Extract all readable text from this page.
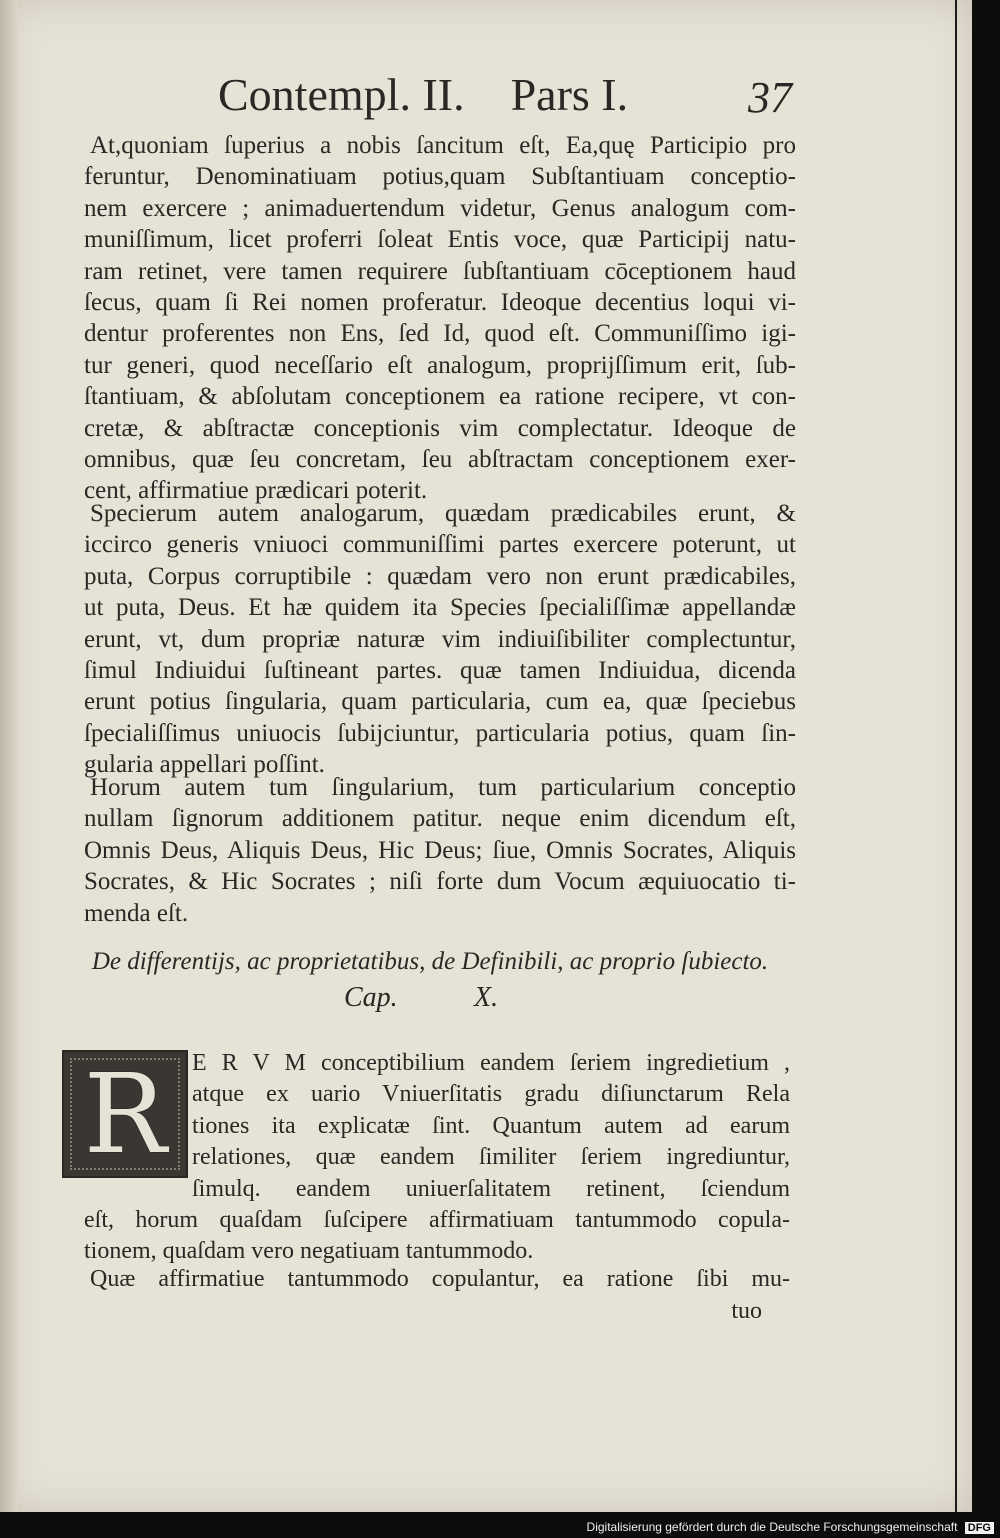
Contempl. II.    Pars I.	37
At,quoniam ſuperius a nobis ſancitum eſt, Ea,quę Participio pro
feruntur, Denominatiuam potius,quam Subſtantiuam conceptio-
nem exercere ; animaduertendum videtur, Genus analogum com-
muniſſimum, licet proferri ſoleat Entis voce, quæ Participij natu-
ram retinet, vere tamen requirere ſubſtantiuam cōceptionem haud
ſecus, quam ſi Rei nomen proferatur. Ideoque decentius loqui vi-
dentur proferentes non Ens, ſed Id, quod eſt. Communiſſimo igi-
tur generi, quod neceſſario eſt analogum, proprijſſimum erit, ſub-
ſtantiuam, & abſolutam conceptionem ea ratione recipere, vt con-
cretæ, & abſtractæ conceptionis vim complectatur. Ideoque de
omnibus, quæ ſeu concretam, ſeu abſtractam conceptionem exer-
cent, affirmatiue prædicari poterit.
Specierum autem analogarum, quædam prædicabiles erunt, &
iccirco generis vniuoci communiſſimi partes exercere poterunt, ut
puta, Corpus corruptibile : quædam vero non erunt prædicabiles,
ut puta, Deus. Et hæ quidem ita Species ſpecialiſſimæ appellandæ
erunt, vt, dum propriæ naturæ vim indiuiſibiliter complectuntur,
ſimul Indiuidui ſuſtineant partes. quæ tamen Indiuidua, dicenda
erunt potius ſingularia, quam particularia, cum ea, quæ ſpeciebus
ſpecialiſſimus uniuocis ſubijciuntur, particularia potius, quam ſin-
gularia appellari poſſint.
Horum autem tum ſingularium, tum particularium conceptio
nullam ſignorum additionem patitur. neque enim dicendum eſt,
Omnis Deus, Aliquis Deus, Hic Deus; ſiue, Omnis Socrates, Aliquis
Socrates, & Hic Socrates ; niſi forte dum Vocum æquiuocatio ti-
menda eſt.
De differentijs, ac proprietatibus, de Definibili, ac proprio ſubiecto.
Cap.	X.
R	E R V M conceptibilium eandem ſeriem ingredietium ,
atque ex uario Vniuerſitatis gradu diſiunctarum Rela
tiones ita explicatæ ſint. Quantum autem ad earum
relationes, quæ eandem ſimiliter ſeriem ingrediuntur,
ſimulq. eandem uniuerſalitatem retinent, ſciendum
eſt, horum quaſdam ſuſcipere affirmatiuam tantummodo copula-
tionem, quaſdam vero negatiuam tantummodo.
Quæ affirmatiue tantummodo copulantur, ea ratione ſibi mu-
tuo
Digitalisierung gefördert durch die Deutsche Forschungsgemeinschaft DFG
